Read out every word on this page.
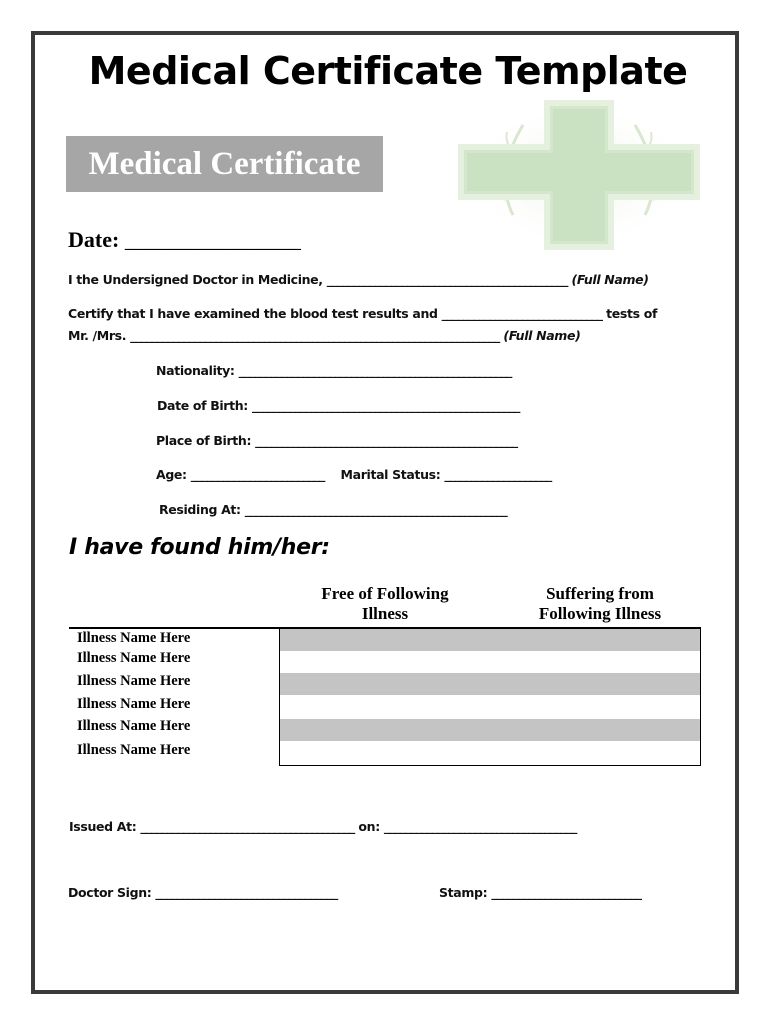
Medical Certificate Template
Medical Certificate
Date: ________________
I the Undersigned Doctor in Medicine, _____________________________________________ (Full Name)
Certify that I have examined the blood test results and ______________________________ tests of
Mr. /Mrs. _____________________________________________________________________ (Full Name)
Nationality: ___________________________________________________
Date of Birth: __________________________________________________
Place of Birth: _________________________________________________
Age: _________________________ Marital Status: ____________________
Residing At: _________________________________________________
I have found him/her:
Free of Following Illness
Suffering from Following Illness
Illness Name Here
Illness Name Here
Illness Name Here
Illness Name Here
Illness Name Here
Illness Name Here
Issued At: ________________________________________ on: ____________________________________
Doctor Sign: __________________________________	Stamp: ____________________________
